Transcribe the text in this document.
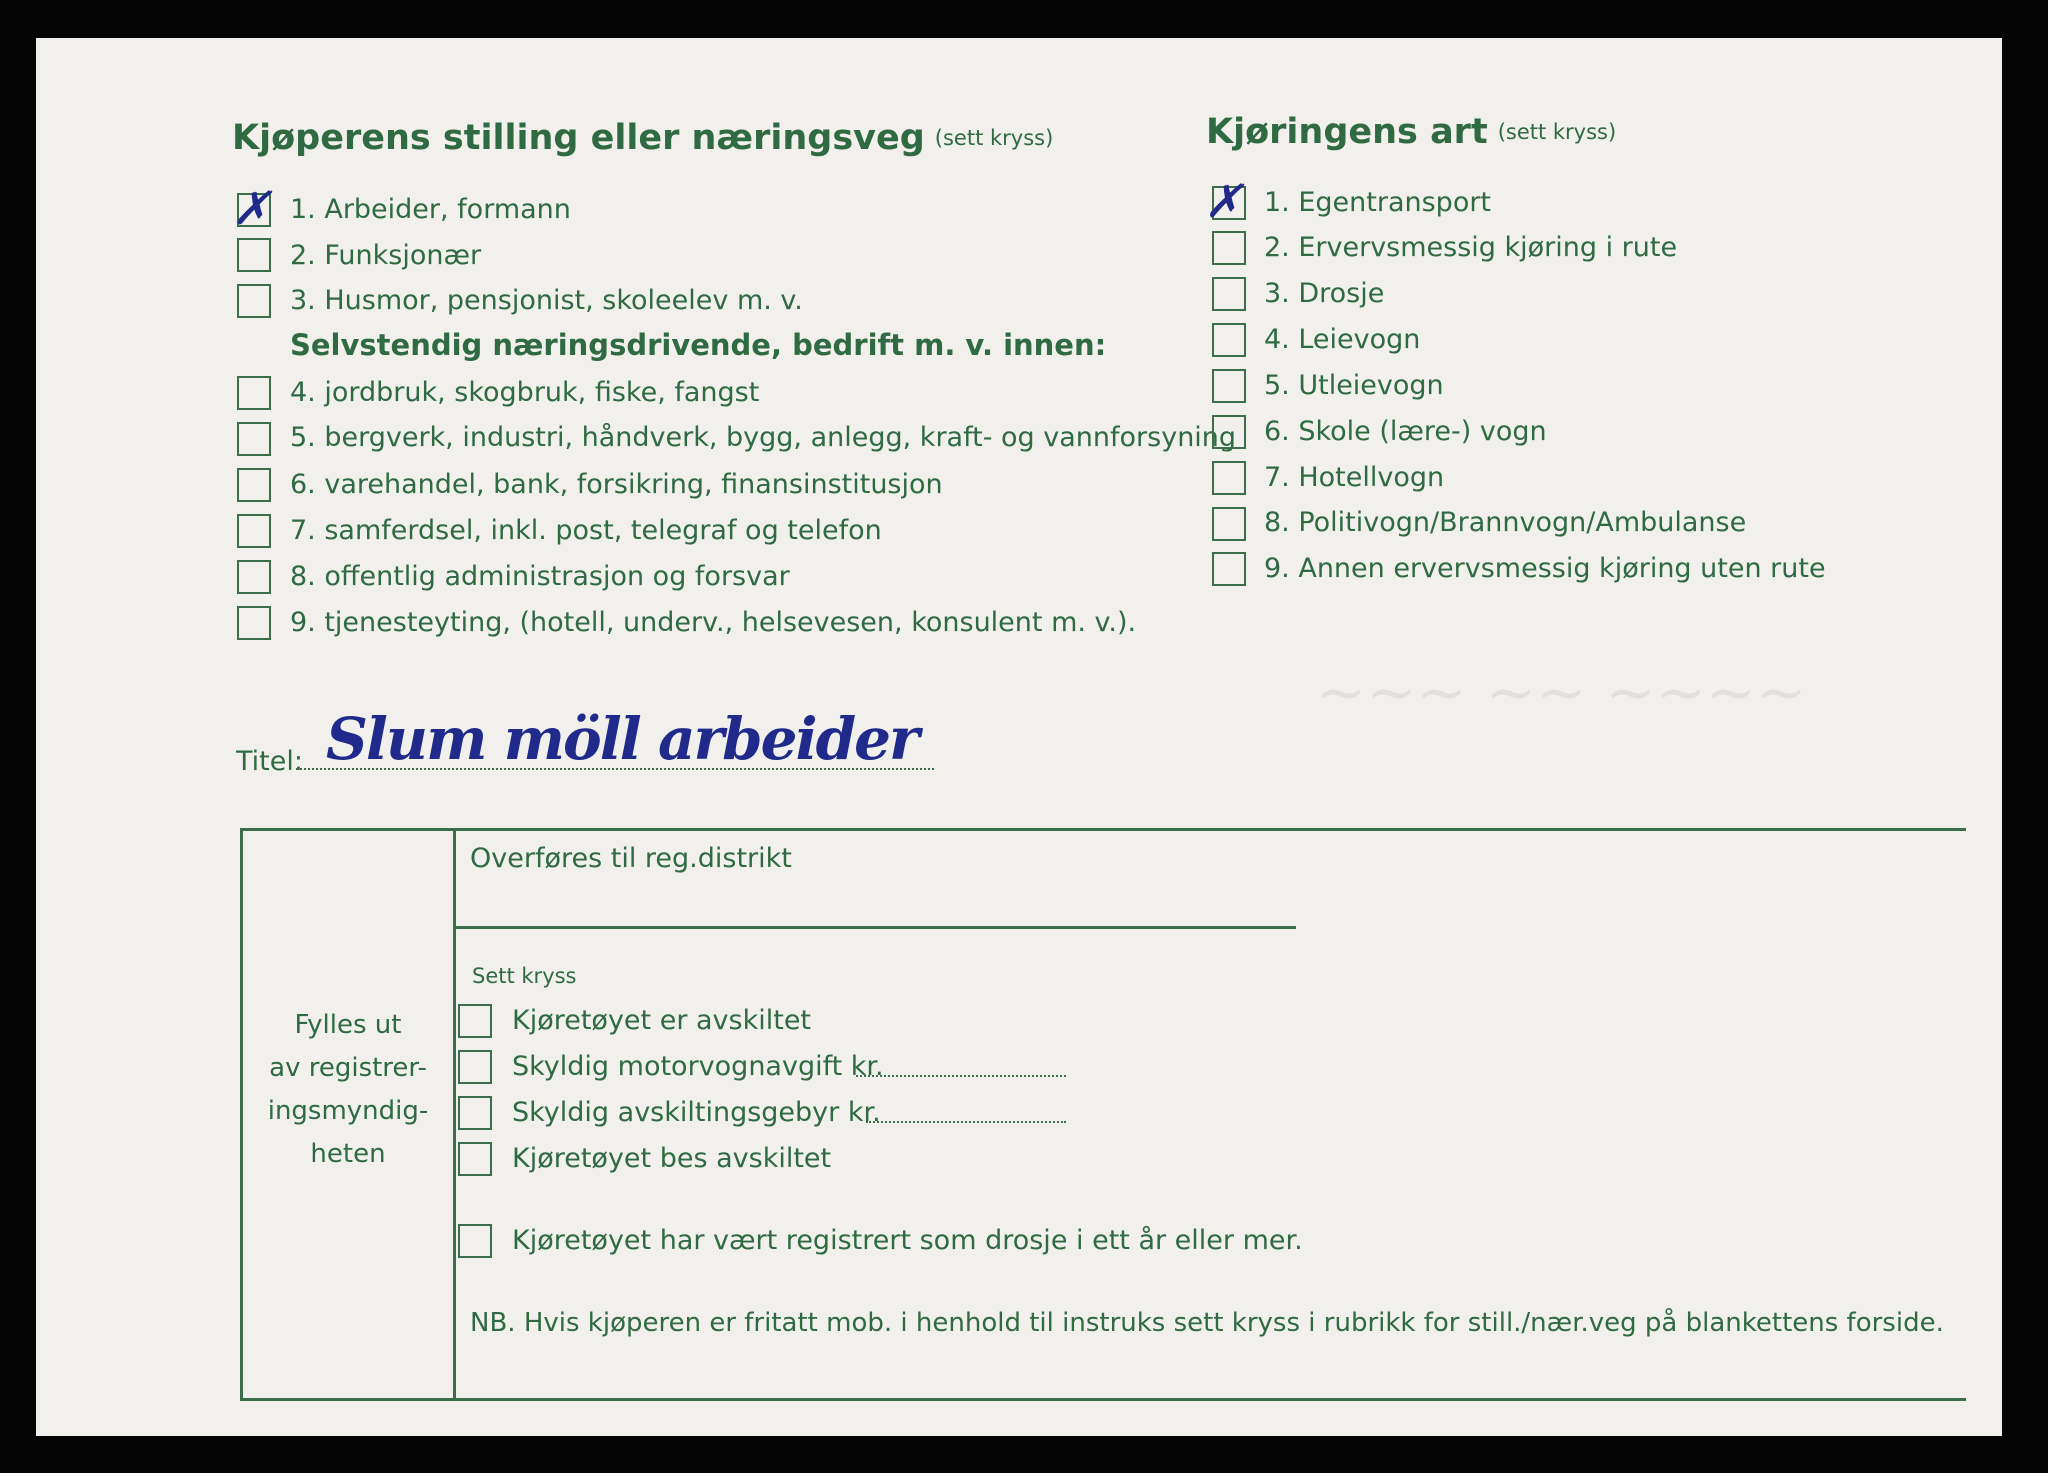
~~~ ~~ ~~~~
Kjøperens stilling eller næringsveg (sett kryss)
✗ 1. Arbeider, formann
2. Funksjonær
3. Husmor, pensjonist, skoleelev m. v.
Selvstendig næringsdrivende, bedrift m. v. innen:
4. jordbruk, skogbruk, fiske, fangst
5. bergverk, industri, håndverk, bygg, anlegg, kraft- og vannforsyning
6. varehandel, bank, forsikring, finansinstitusjon
7. samferdsel, inkl. post, telegraf og telefon
8. offentlig administrasjon og forsvar
9. tjenesteyting, (hotell, underv., helsevesen, konsulent m. v.).
Titel: Slum möll arbeider
Kjøringens art (sett kryss)
✗ 1. Egentransport
2. Ervervsmessig kjøring i rute
3. Drosje
4. Leievogn
5. Utleievogn
6. Skole (lære-) vogn
7. Hotellvogn
8. Politivogn/Brannvogn/Ambulanse
9. Annen ervervsmessig kjøring uten rute
Fylles ut
av registrer-
ingsmyndig-
heten
Overføres til reg.distrikt
Sett kryss
Kjøretøyet er avskiltet
Skyldig motorvognavgift kr.
Skyldig avskiltingsgebyr kr.
Kjøretøyet bes avskiltet
Kjøretøyet har vært registrert som drosje i ett år eller mer.
NB. Hvis kjøperen er fritatt mob. i henhold til instruks sett kryss i rubrikk for still./nær.veg på blankettens forside.
